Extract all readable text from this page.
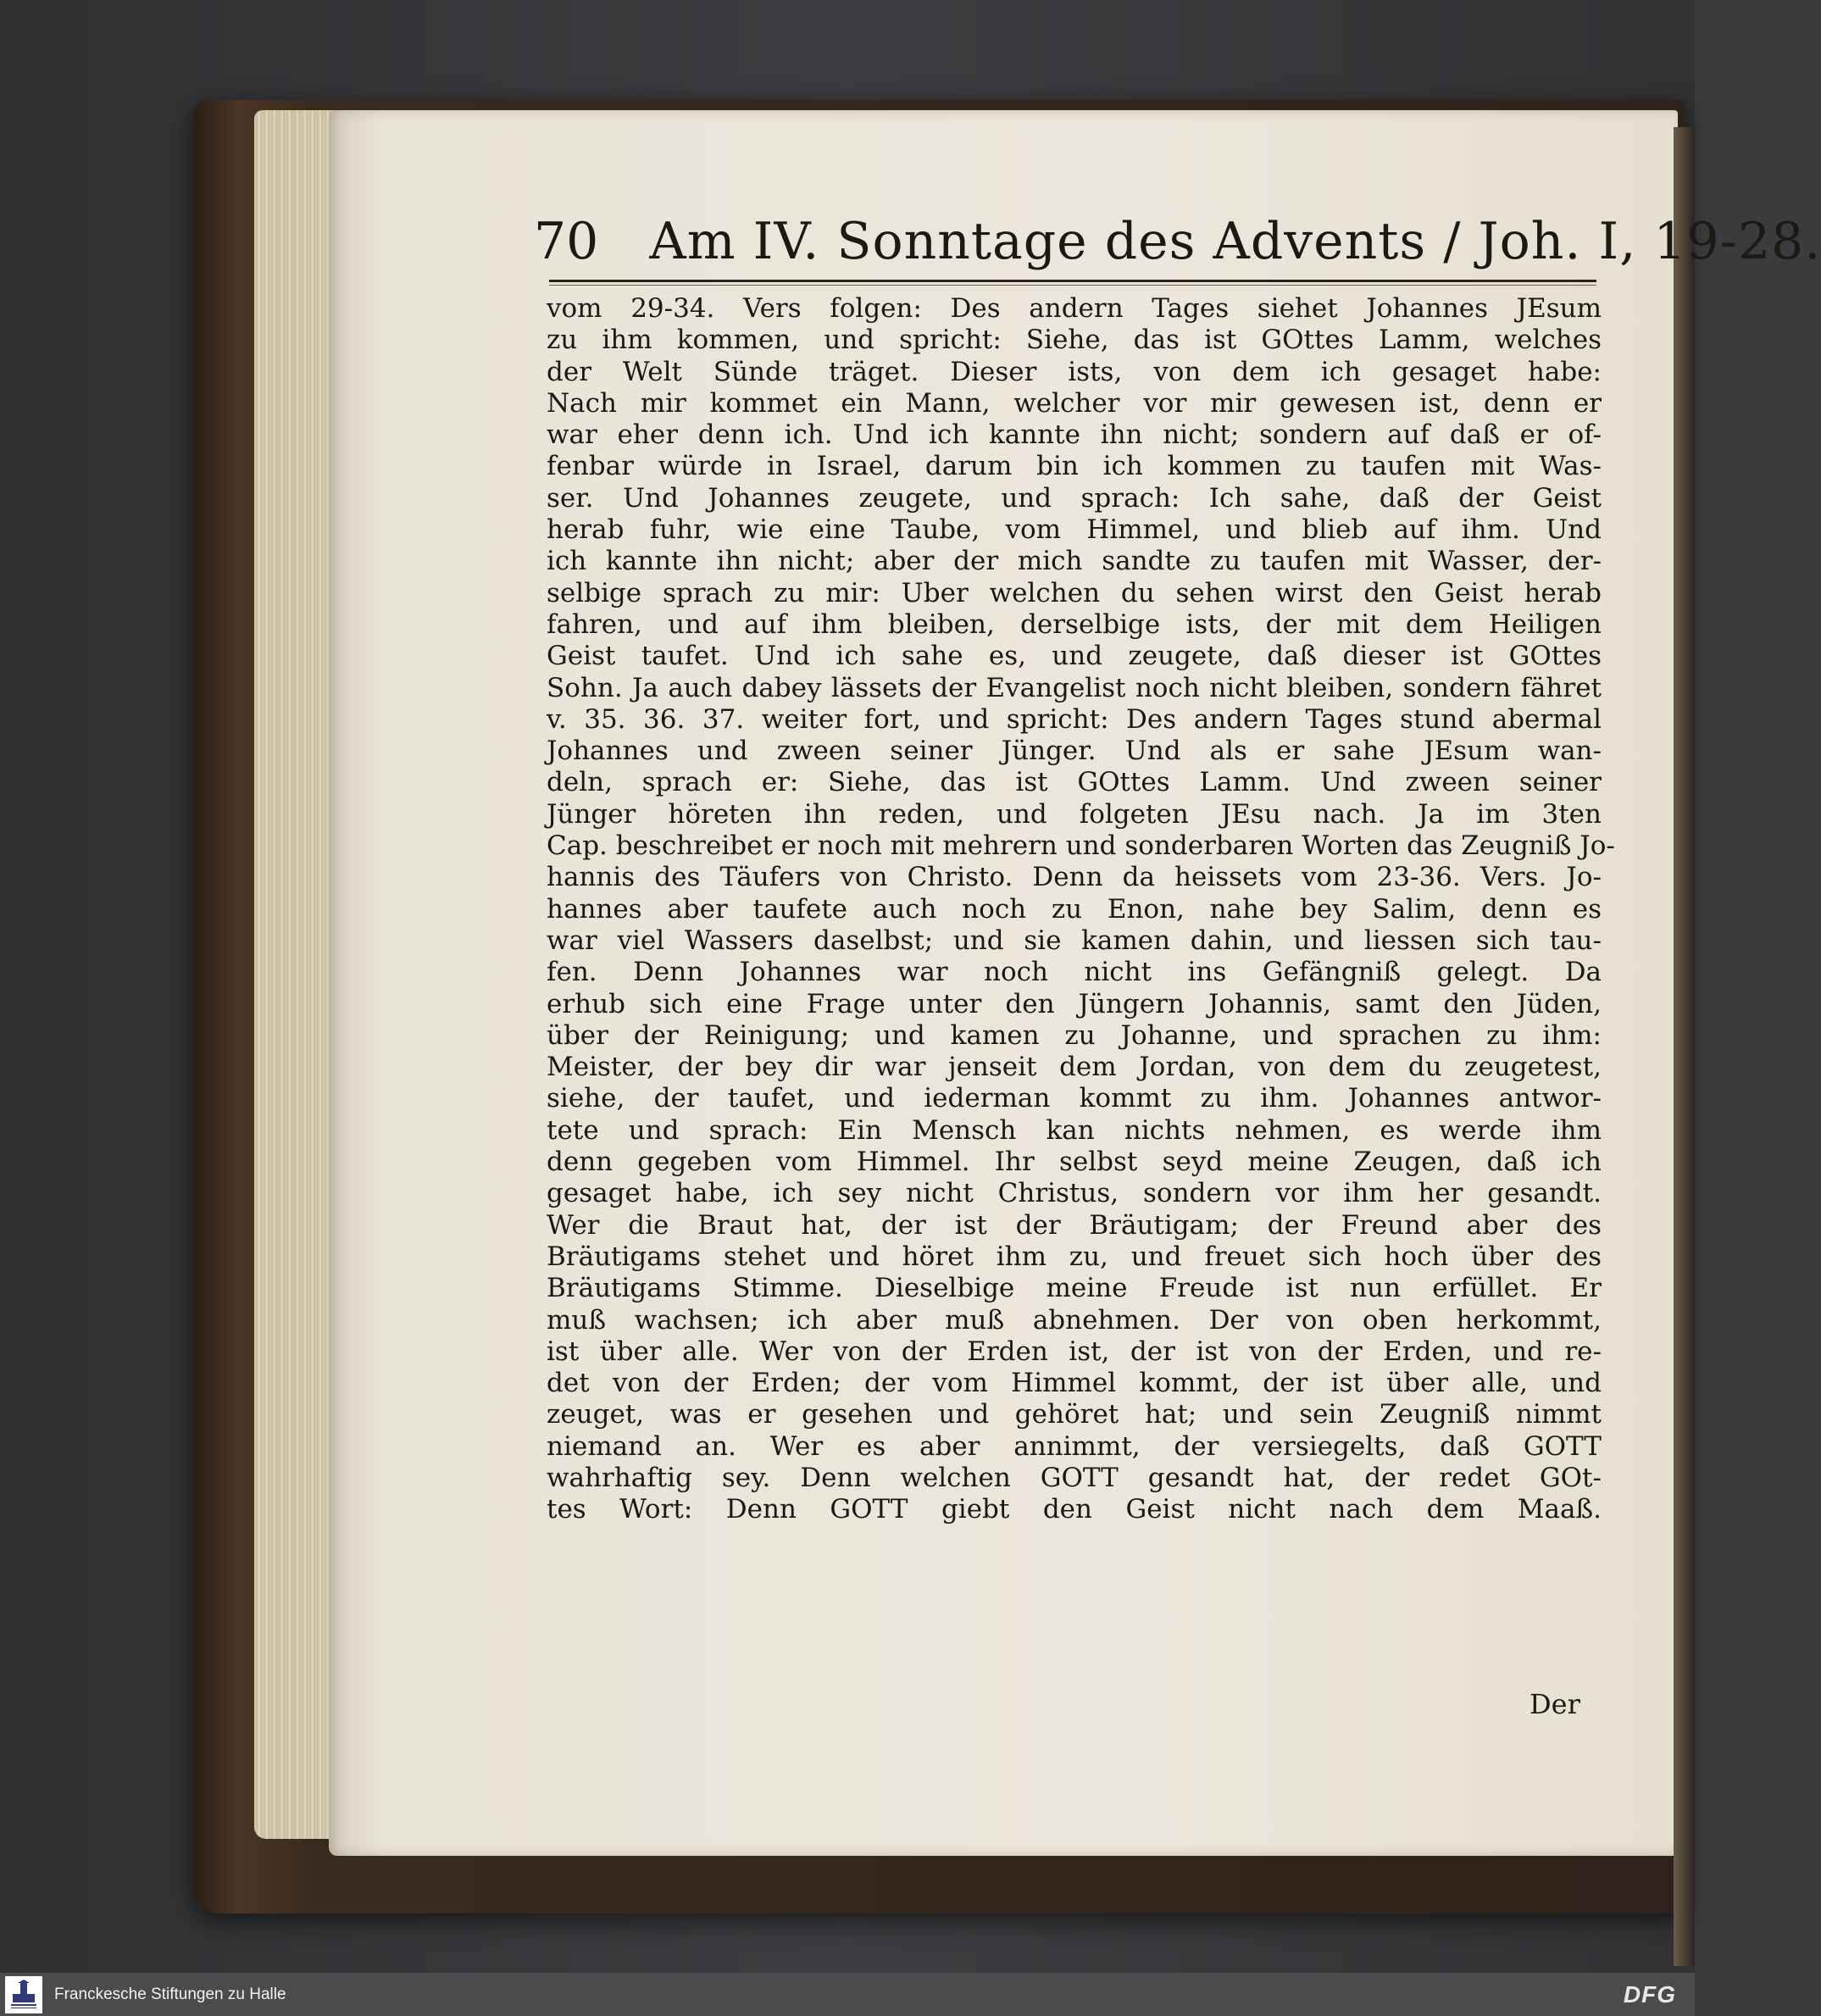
70 Am IV. Sonntage des Advents / Joh. I, 19-28.
vom 29-34. Vers folgen: Des andern Tages siehet Johannes JEsum
zu ihm kommen, und spricht: Siehe, das ist GOttes Lamm, welches
der Welt Sünde träget. Dieser ists, von dem ich gesaget habe:
Nach mir kommet ein Mann, welcher vor mir gewesen ist, denn er
war eher denn ich. Und ich kannte ihn nicht; sondern auf daß er of-
fenbar würde in Israel, darum bin ich kommen zu taufen mit Was-
ser. Und Johannes zeugete, und sprach: Ich sahe, daß der Geist
herab fuhr, wie eine Taube, vom Himmel, und blieb auf ihm. Und
ich kannte ihn nicht; aber der mich sandte zu taufen mit Wasser, der-
selbige sprach zu mir: Uber welchen du sehen wirst den Geist herab
fahren, und auf ihm bleiben, derselbige ists, der mit dem Heiligen
Geist taufet. Und ich sahe es, und zeugete, daß dieser ist GOttes
Sohn. Ja auch dabey lässets der Evangelist noch nicht bleiben, sondern fähret
v. 35. 36. 37. weiter fort, und spricht: Des andern Tages stund abermal
Johannes und zween seiner Jünger. Und als er sahe JEsum wan-
deln, sprach er: Siehe, das ist GOttes Lamm. Und zween seiner
Jünger höreten ihn reden, und folgeten JEsu nach. Ja im 3ten
Cap. beschreibet er noch mit mehrern und sonderbaren Worten das Zeugniß Jo-
hannis des Täufers von Christo. Denn da heissets vom 23-36. Vers. Jo-
hannes aber taufete auch noch zu Enon, nahe bey Salim, denn es
war viel Wassers daselbst; und sie kamen dahin, und liessen sich tau-
fen. Denn Johannes war noch nicht ins Gefängniß gelegt. Da
erhub sich eine Frage unter den Jüngern Johannis, samt den Jüden,
über der Reinigung; und kamen zu Johanne, und sprachen zu ihm:
Meister, der bey dir war jenseit dem Jordan, von dem du zeugetest,
siehe, der taufet, und iederman kommt zu ihm. Johannes antwor-
tete und sprach: Ein Mensch kan nichts nehmen, es werde ihm
denn gegeben vom Himmel. Ihr selbst seyd meine Zeugen, daß ich
gesaget habe, ich sey nicht Christus, sondern vor ihm her gesandt.
Wer die Braut hat, der ist der Bräutigam; der Freund aber des
Bräutigams stehet und höret ihm zu, und freuet sich hoch über des
Bräutigams Stimme. Dieselbige meine Freude ist nun erfüllet. Er
muß wachsen; ich aber muß abnehmen. Der von oben herkommt,
ist über alle. Wer von der Erden ist, der ist von der Erden, und re-
det von der Erden; der vom Himmel kommt, der ist über alle, und
zeuget, was er gesehen und gehöret hat; und sein Zeugniß nimmt
niemand an. Wer es aber annimmt, der versiegelts, daß GOTT
wahrhaftig sey. Denn welchen GOTT gesandt hat, der redet GOt-
tes Wort: Denn GOTT giebt den Geist nicht nach dem Maaß.
Der
Franckesche Stiftungen zu Halle	DFG
